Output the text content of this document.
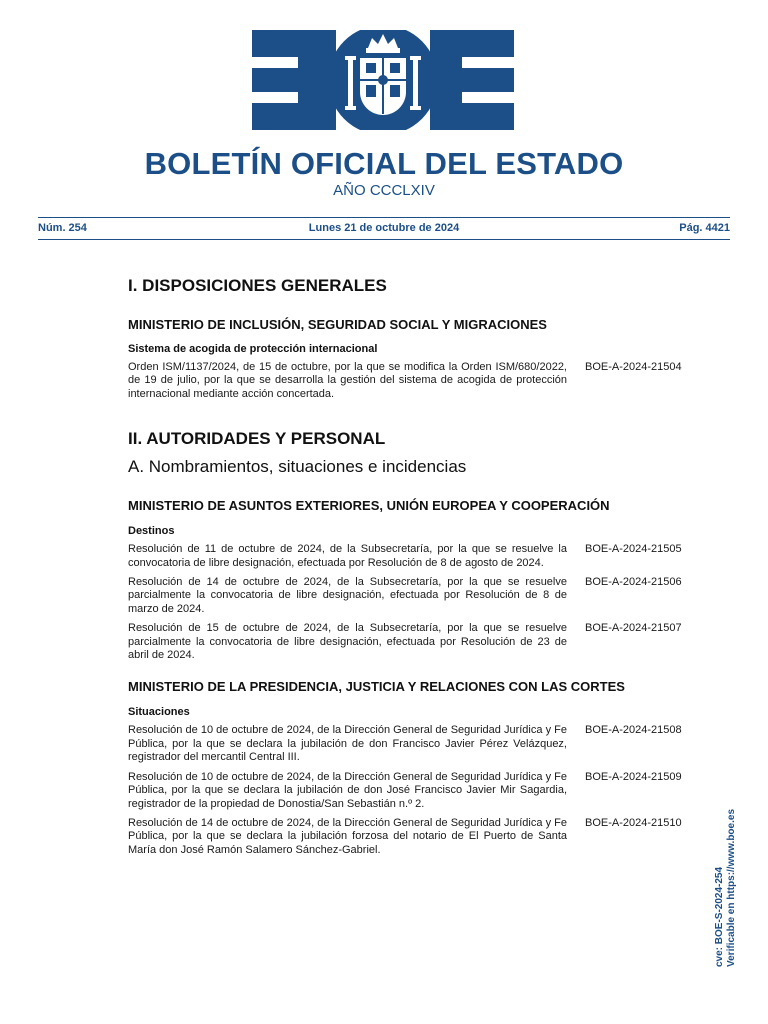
BOLETÍN OFICIAL DEL ESTADO
AÑO CCCLXIV
Núm. 254	Lunes 21 de octubre de 2024	Pág. 4421
I. DISPOSICIONES GENERALES
MINISTERIO DE INCLUSIÓN, SEGURIDAD SOCIAL Y MIGRACIONES
Sistema de acogida de protección internacional
Orden ISM/1137/2024, de 15 de octubre, por la que se modifica la Orden ISM/680/2022, de 19 de julio, por la que se desarrolla la gestión del sistema de acogida de protección internacional mediante acción concertada.
BOE-A-2024-21504
II. AUTORIDADES Y PERSONAL
A. Nombramientos, situaciones e incidencias
MINISTERIO DE ASUNTOS EXTERIORES, UNIÓN EUROPEA Y COOPERACIÓN
Destinos
Resolución de 11 de octubre de 2024, de la Subsecretaría, por la que se resuelve la convocatoria de libre designación, efectuada por Resolución de 8 de agosto de 2024.
BOE-A-2024-21505
Resolución de 14 de octubre de 2024, de la Subsecretaría, por la que se resuelve parcialmente la convocatoria de libre designación, efectuada por Resolución de 8 de marzo de 2024.
BOE-A-2024-21506
Resolución de 15 de octubre de 2024, de la Subsecretaría, por la que se resuelve parcialmente la convocatoria de libre designación, efectuada por Resolución de 23 de abril de 2024.
BOE-A-2024-21507
MINISTERIO DE LA PRESIDENCIA, JUSTICIA Y RELACIONES CON LAS CORTES
Situaciones
Resolución de 10 de octubre de 2024, de la Dirección General de Seguridad Jurídica y Fe Pública, por la que se declara la jubilación de don Francisco Javier Pérez Velázquez, registrador del mercantil Central III.
BOE-A-2024-21508
Resolución de 10 de octubre de 2024, de la Dirección General de Seguridad Jurídica y Fe Pública, por la que se declara la jubilación de don José Francisco Javier Mir Sagardia, registrador de la propiedad de Donostia/San Sebastián n.º 2.
BOE-A-2024-21509
Resolución de 14 de octubre de 2024, de la Dirección General de Seguridad Jurídica y Fe Pública, por la que se declara la jubilación forzosa del notario de El Puerto de Santa María don José Ramón Salamero Sánchez-Gabriel.
BOE-A-2024-21510
cve: BOE-S-2024-254 Verificable en https://www.boe.es
